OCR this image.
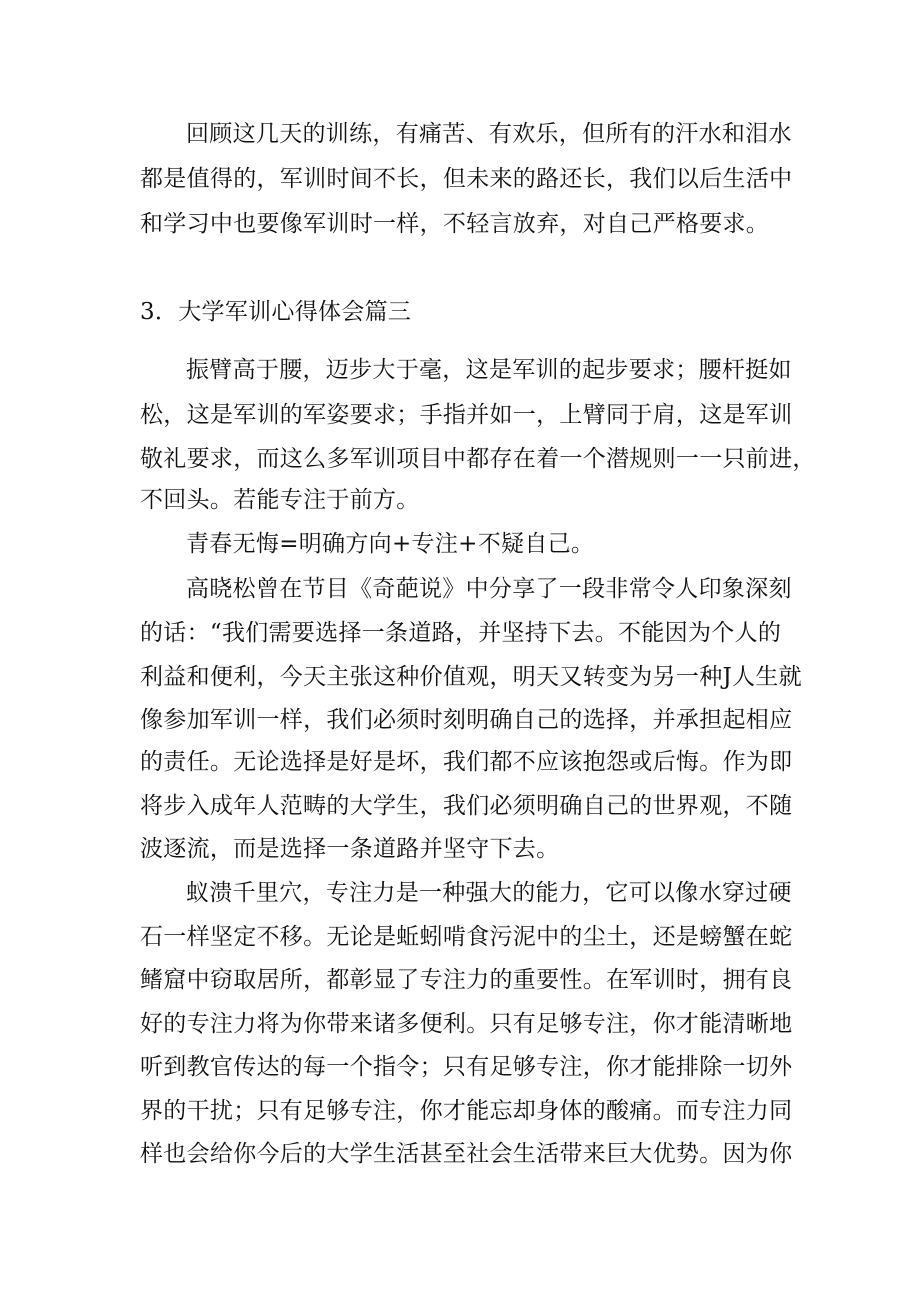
回顾这几天的训练，有痛苦、有欢乐，但所有的汗水和泪水
都是值得的，军训时间不长，但未来的路还长，我们以后生活中
和学习中也要像军训时一样，不轻言放弃，对自己严格要求。
3．大学军训心得体会篇三
振臂高于腰，迈步大于毫，这是军训的起步要求；腰杆挺如
松，这是军训的军姿要求；手指并如一，上臂同于肩，这是军训
敬礼要求，而这么多军训项目中都存在着一个潜规则一一只前进，
不回头。若能专注于前方。
青春无悔=明确方向+专注+不疑自己。
高晓松曾在节目《奇葩说》中分享了一段非常令人印象深刻
的话：“我们需要选择一条道路，并坚持下去。不能因为个人的
利益和便利，今天主张这种价值观，明天又转变为另一种J人生就
像参加军训一样，我们必须时刻明确自己的选择，并承担起相应
的责任。无论选择是好是坏，我们都不应该抱怨或后悔。作为即
将步入成年人范畴的大学生，我们必须明确自己的世界观，不随
波逐流，而是选择一条道路并坚守下去。
蚁溃千里穴，专注力是一种强大的能力，它可以像水穿过硬
石一样坚定不移。无论是蚯蚓啃食污泥中的尘土，还是螃蟹在蛇
鳍窟中窃取居所，都彰显了专注力的重要性。在军训时，拥有良
好的专注力将为你带来诸多便利。只有足够专注，你才能清晰地
听到教官传达的每一个指令；只有足够专注，你才能排除一切外
界的干扰；只有足够专注，你才能忘却身体的酸痛。而专注力同
样也会给你今后的大学生活甚至社会生活带来巨大优势。因为你
